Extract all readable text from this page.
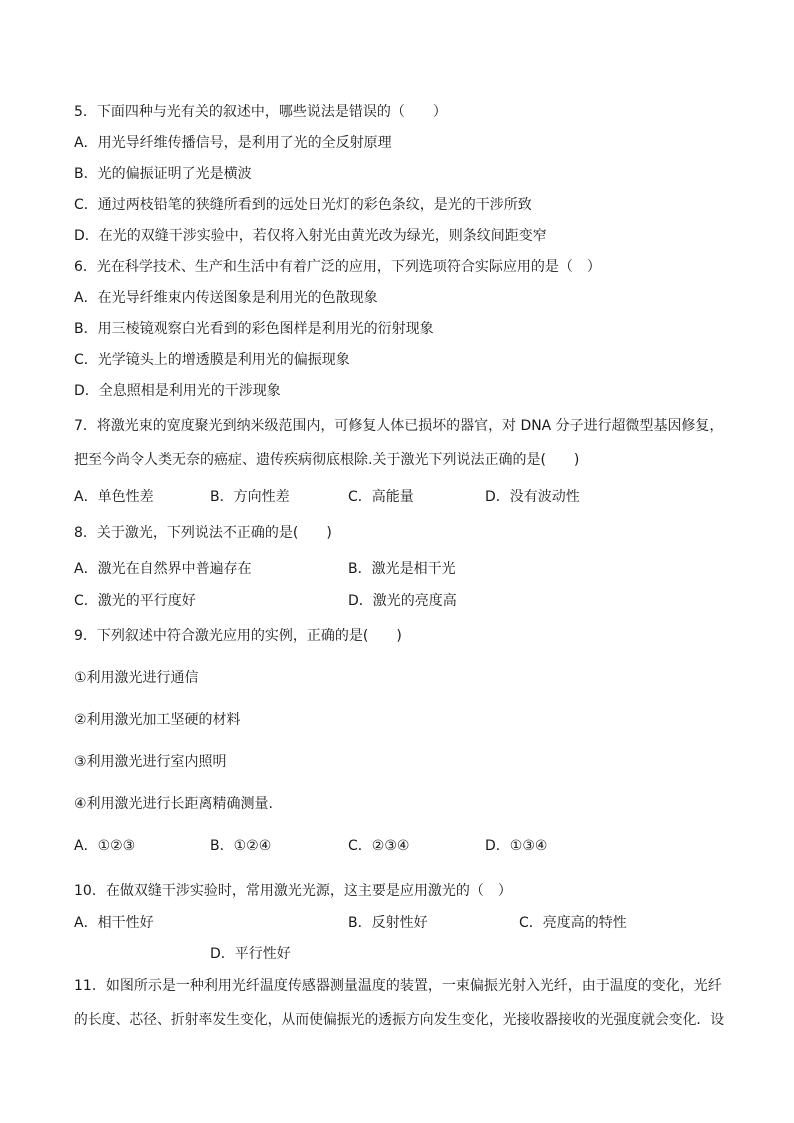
5．下面四种与光有关的叙述中，哪些说法是错误的（　　）
A．用光导纤维传播信号，是利用了光的全反射原理
B．光的偏振证明了光是横波
C．通过两枝铅笔的狭缝所看到的远处日光灯的彩色条纹，是光的干涉所致
D．在光的双缝干涉实验中，若仅将入射光由黄光改为绿光，则条纹间距变窄
6．光在科学技术、生产和生活中有着广泛的应用，下列选项符合实际应用的是（　）
A．在光导纤维束内传送图象是利用光的色散现象
B．用三棱镜观察白光看到的彩色图样是利用光的衍射现象
C．光学镜头上的增透膜是利用光的偏振现象
D．全息照相是利用光的干涉现象
7．将激光束的宽度聚光到纳米级范围内，可修复人体已损坏的器官，对 DNA 分子进行超微型基因修复，
把至今尚令人类无奈的癌症、遗传疾病彻底根除.关于激光下列说法正确的是(　　)
A．单色性差	B．方向性差	C．高能量	D．没有波动性
8．关于激光，下列说法不正确的是(　　)
A．激光在自然界中普遍存在	B．激光是相干光
C．激光的平行度好	D．激光的亮度高
9．下列叙述中符合激光应用的实例，正确的是(　　)
①利用激光进行通信
②利用激光加工坚硬的材料
③利用激光进行室内照明
④利用激光进行长距离精确测量.
A．①②③	B．①②④	C．②③④	D．①③④
10．在做双缝干涉实验时，常用激光光源，这主要是应用激光的（　）
A．相干性好	B．反射性好	C．亮度高的特性
D．平行性好
11．如图所示是一种利用光纤温度传感器测量温度的装置，一束偏振光射入光纤，由于温度的变化，光纤
的长度、芯径、折射率发生变化，从而使偏振光的透振方向发生变化，光接收器接收的光强度就会变化．设
